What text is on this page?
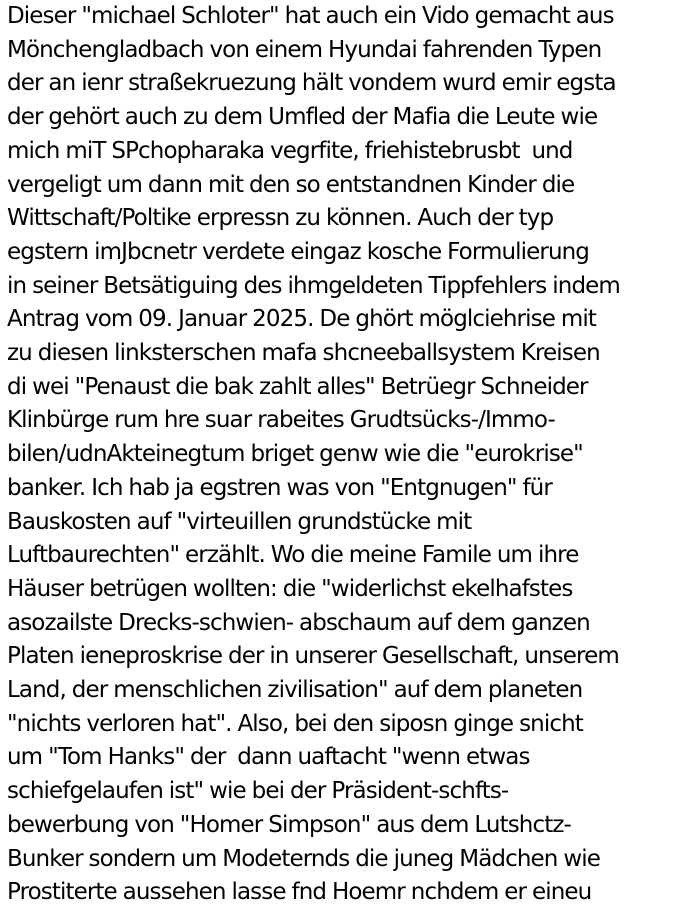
Dieser "michael Schloter" hat auch ein Vido gemacht aus
Mönchengladbach von einem Hyundai fahrenden Typen
der an ienr straßekruezung hält vondem wurd emir egsta
der gehört auch zu dem Umfled der Mafia die Leute wie
mich miT SPchopharaka vegrfite, friehistebrusbt  und
vergeligt um dann mit den so entstandnen Kinder die
Wittschaft/Poltike erpressn zu können. Auch der typ
egstern imJbcnetr verdete eingaz kosche Formulierung
in seiner Betsätiguing des ihmgeldeten Tippfehlers indem
Antrag vom 09. Januar 2025. De ghört möglciehrise mit
zu diesen linksterschen mafa shcneeballsystem Kreisen
di wei "Penaust die bak zahlt alles" Betrüegr Schneider
Klinbürge rum hre suar rabeites Grudtsücks-/Immo-
bilen/udnAkteinegtum briget genw wie die "eurokrise"
banker. Ich hab ja egstren was von "Entgnugen" für
Bauskosten auf "virteuillen grundstücke mit
Luftbaurechten" erzählt. Wo die meine Famile um ihre
Häuser betrügen wollten: die "widerlichst ekelhafstes
asozailste Drecks-schwien- abschaum auf dem ganzen
Platen ieneproskrise der in unserer Gesellschaft, unserem
Land, der menschlichen zivilisation" auf dem planeten
"nichts verloren hat". Also, bei den siposn ginge snicht
um "Tom Hanks" der  dann uaftacht "wenn etwas
schiefgelaufen ist" wie bei der Präsident-schfts-
bewerbung von "Homer Simpson" aus dem Lutshctz-
Bunker sondern um Modeternds die juneg Mädchen wie
Prostiterte aussehen lasse fnd Hoemr nchdem er eineu
